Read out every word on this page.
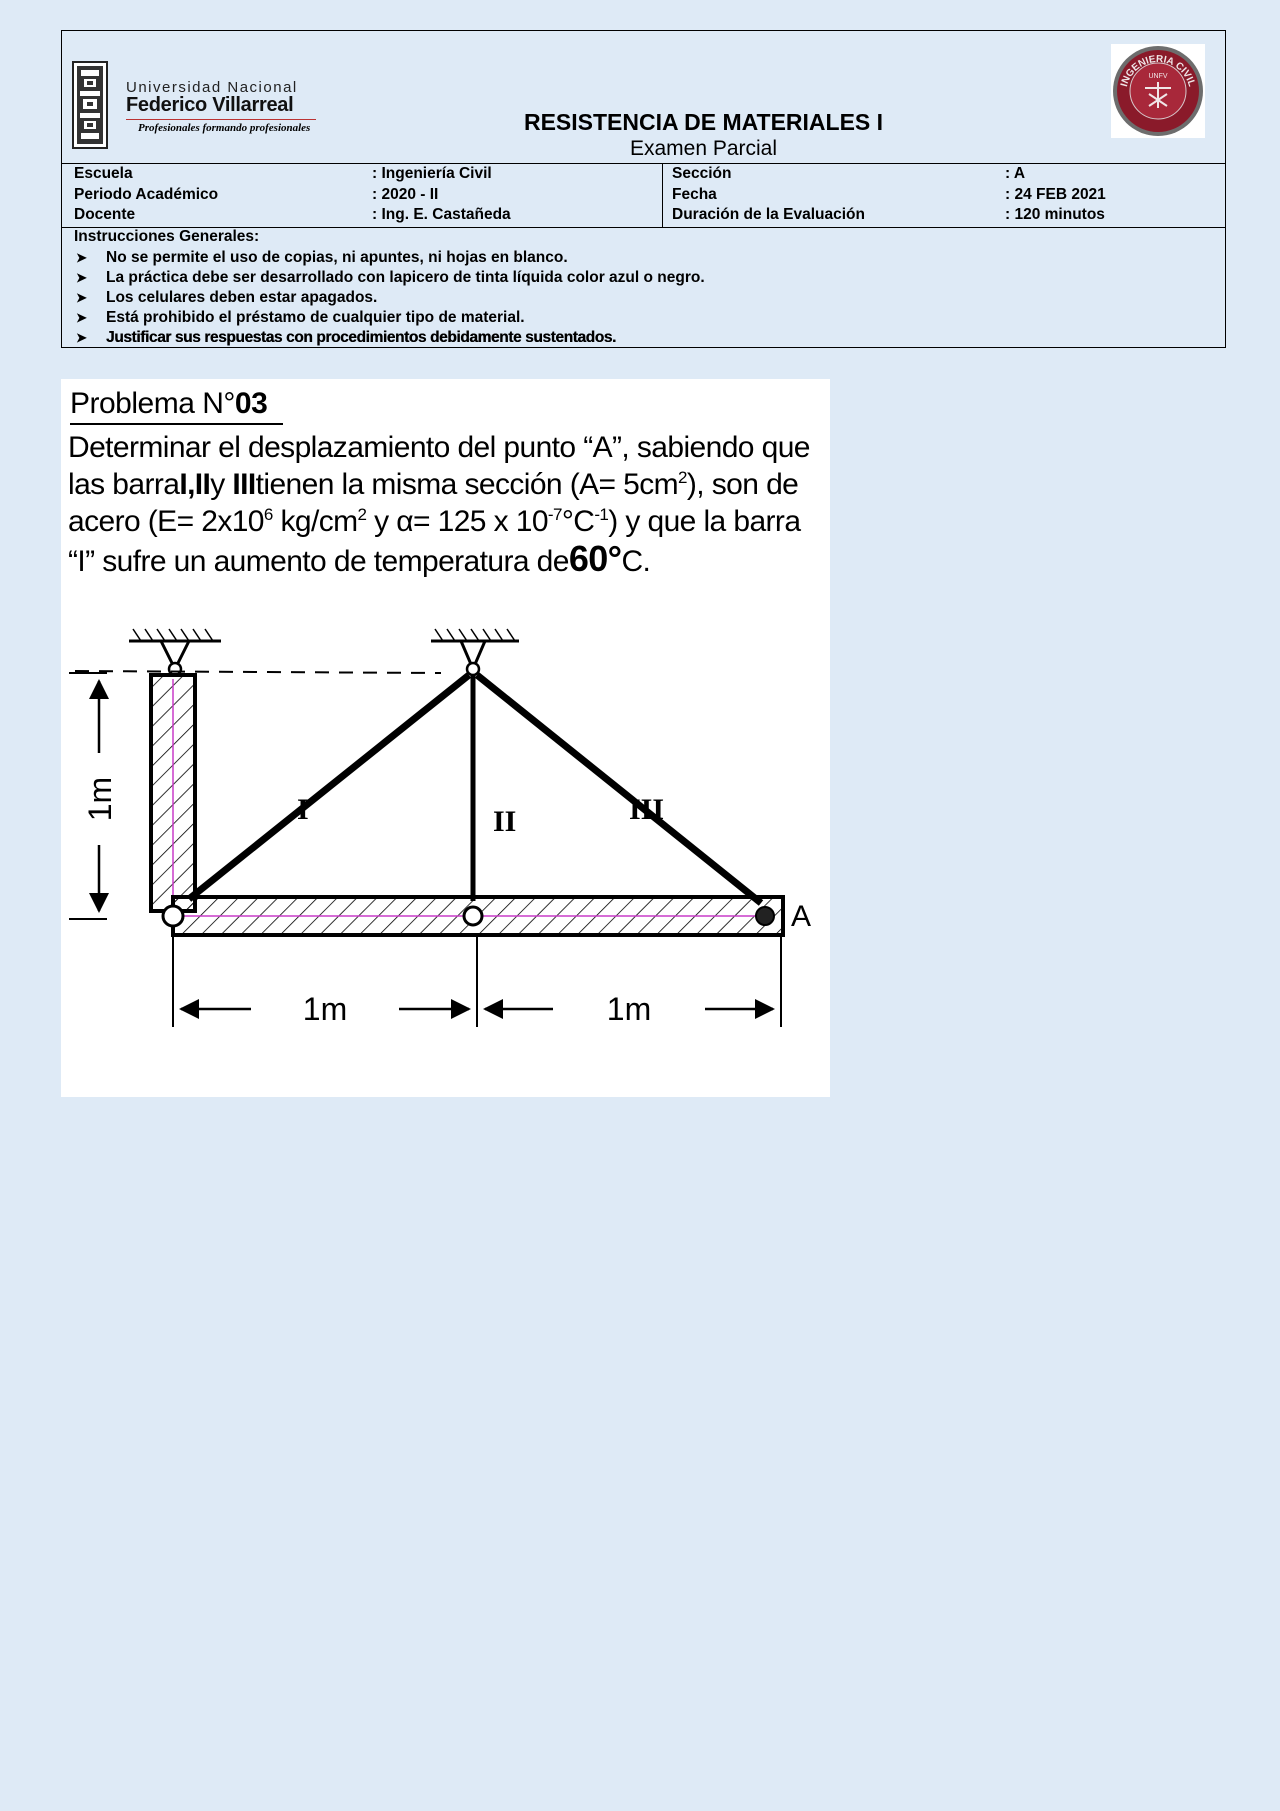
Universidad Nacional
Federico Villarreal
Profesionales formando profesionales	RESISTENCIA DE MATERIALES I
Examen Parcial
INGENIERIA CIVIL
UNFV
Escuela	: Ingeniería Civil	Sección	: A
Periodo Académico	: 2020 - II	Fecha	: 24 FEB 2021
Docente	: Ing. E. Castañeda	Duración de la Evaluación	: 120 minutos
Instrucciones Generales:
➤ No se permite el uso de copias, ni apuntes, ni hojas en blanco.
➤ La práctica debe ser desarrollado con lapicero de tinta líquida color azul o negro.
➤ Los celulares deben estar apagados.
➤ Está prohibido el préstamo de cualquier tipo de material.
➤ Justificar sus respuestas con procedimientos debidamente sustentados.
Problema N°03

Determinar el desplazamiento del punto “A”, sabiendo que

las barraI,IIy IIItienen la misma sección $(A= 5cm^2)$, son de

acero ($E= 2x10^6$ $kg/cm^2$ y α= 125 x $10^{-7}^\circ C^{-1}$) y que la barra

“I” sufre un aumento de temperatura de60°C.

I	II	III
A
1m
1m	1m
